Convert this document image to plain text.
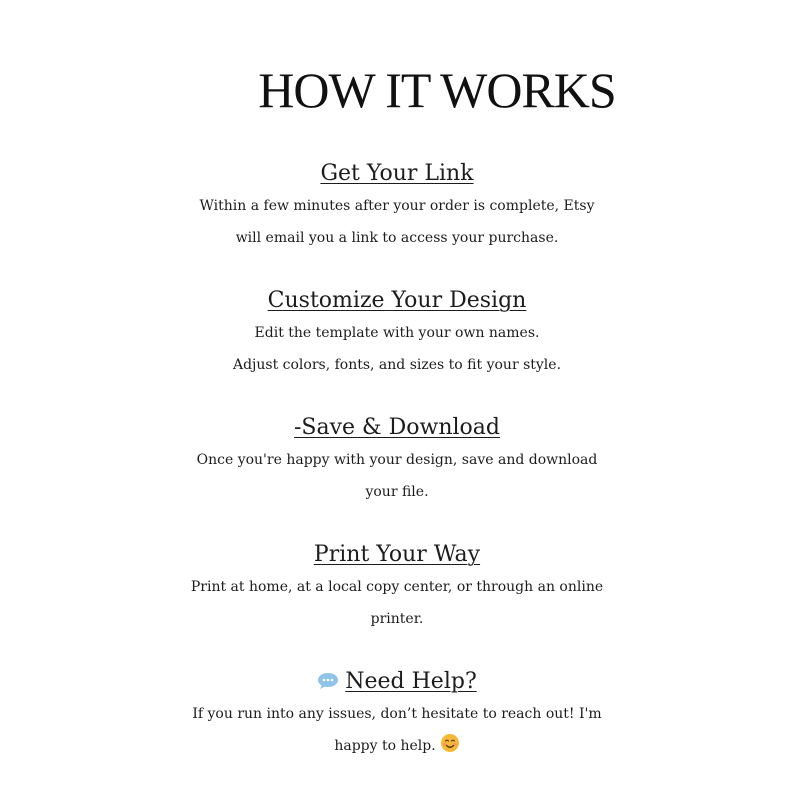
HOW IT WORKS
Get Your Link
Within a few minutes after your order is complete, Etsy
will email you a link to access your purchase.
Customize Your Design
Edit the template with your own names.
Adjust colors, fonts, and sizes to fit your style.
-Save & Download
Once you're happy with your design, save and download
your file.
Print Your Way
Print at home, at a local copy center, or through an online
printer.
Need Help?
If you run into any issues, don’t hesitate to reach out! I'm
happy to help.
